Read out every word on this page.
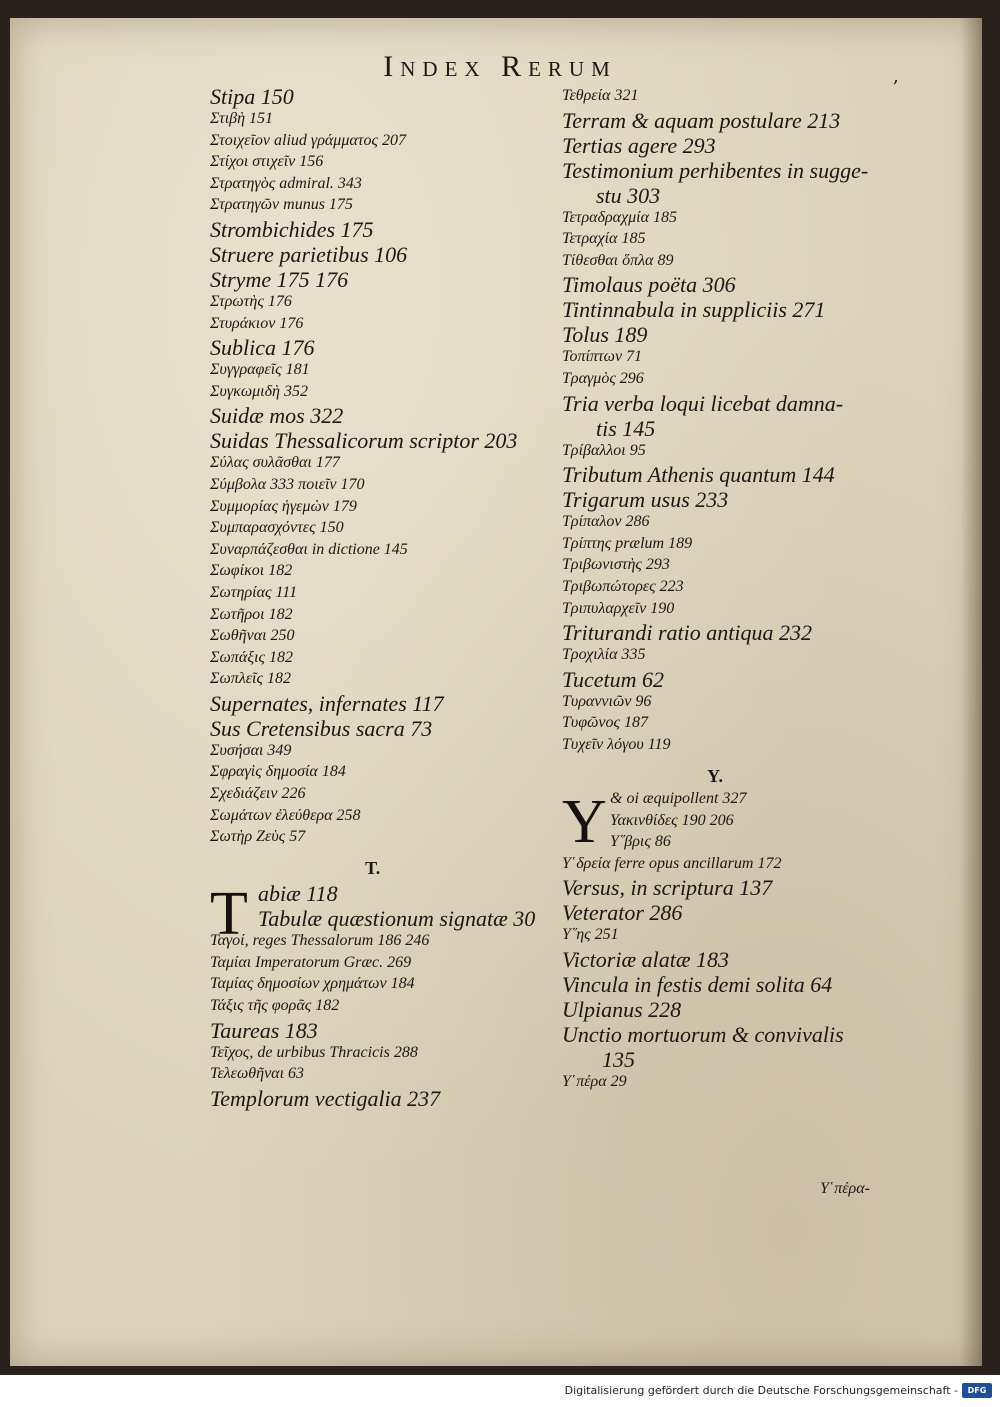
Index Rerum	,
Stipa 150
Στιβὴ 151
Στοιχεῖον aliud γράμματος 207
Στίχοι στιχεῖν 156
Στρατηγὸς admiral. 343
Στρατηγῶν munus 175
Strombichides 175
Struere parietibus 106
Stryme 175 176
Στρωτὴς 176
Στυράκιον 176
Sublica 176
Συγγραφεῖς 181
Συγκωμιδὴ 352
Suidæ mos 322
Suidas Thessalicorum scriptor 203
Σύλας συλᾶσθαι 177
Σύμβολα 333 ποιεῖν 170
Συμμορίας ἡγεμὼν 179
Συμπαρασχόντες 150
Συναρπάζεσθαι in dictione 145
Σωφίκοι 182
Σωτηρίας 111
Σωτῆροι 182
Σωθῆναι 250
Σωπάξις 182
Σωπλεῖς 182
Supernates, infernates 117
Sus Cretensibus sacra 73
Συσήσαι 349
Σφραγὶς δημοσία 184
Σχεδιάζειν 226
Σωμάτων ἐλεύθερα 258
Σωτὴρ Ζεὺς 57
T.
T abiæ 118
Tabulæ quæstionum signatæ 30
Ταγοί, reges Thessalorum 186 246
Ταμίαι Imperatorum Græc. 269
Ταμίας δημοσίων χρημάτων 184
Τάξις τῆς φορᾶς 182
Taureas 183
Τεῖχος, de urbibus Thracicis 288
Τελεωθῆναι 63
Templorum vectigalia 237
Τεθρεία 321
Terram & aquam postulare 213
Tertias agere 293
Testimonium perhibentes in sugge-
stu 303
Τετραδραχμία 185
Τετραχία 185
Τίθεσθαι ὅπλα 89
Timolaus poëta 306
Tintinnabula in suppliciis 271
Tolus 189
Τοπίπτων 71
Τραγμὸς 296
Tria verba loqui licebat damna-
tis 145
Τρίβαλλοι 95
Tributum Athenis quantum 144
Trigarum usus 233
Τρίπαλον 286
Τρίπτης prælum 189
Τριβωνιστὴς 293
Τριβωπώτορες 223
Τριπυλαρχεῖν 190
Triturandi ratio antiqua 232
Τροχιλία 335
Tucetum 62
Τυραννιῶν 96
Τυφῶνος 187
Τυχεῖν λόγου 119
Y.
Υ & oi æquipollent 327
Υακινθίδες 190 206
Υ῞βρις 86
Υ῾δρεία ferre opus ancillarum 172
Versus, in scriptura 137
Veterator 286
Υ῞ης 251
Victoriæ alatæ 183
Vincula in festis demi solita 64
Ulpianus 228
Unctio mortuorum & convivalis
135
Υ῾πέρα 29
Υ῾πέρα-
Digitalisierung gefördert durch die Deutsche Forschungsgemeinschaft -	DFG
